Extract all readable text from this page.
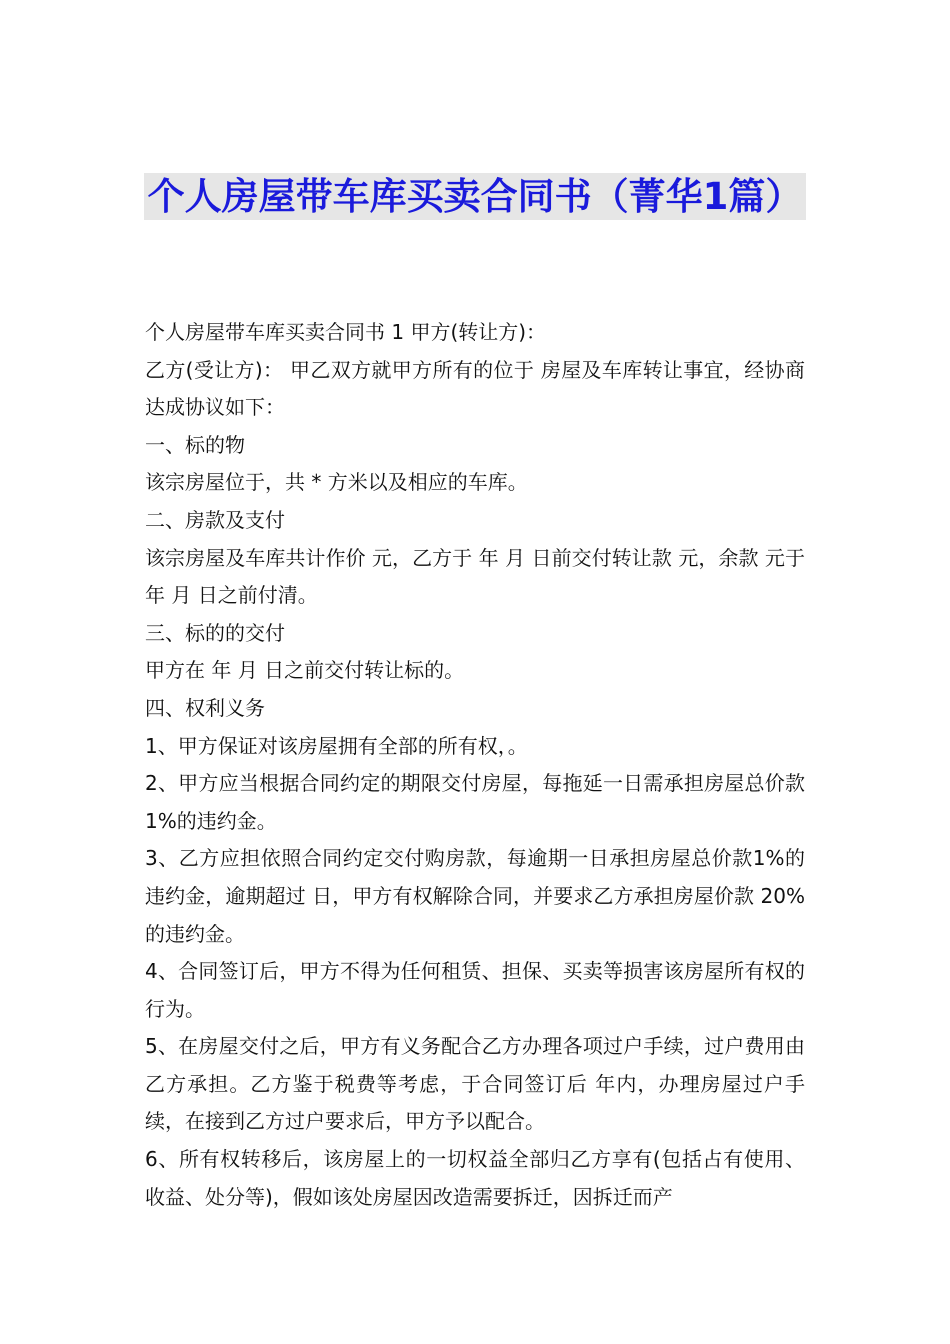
个人房屋带车库买卖合同书（菁华1篇）

个人房屋带车库买卖合同书 1 甲方(转让方)：

乙方(受让方)： 甲乙双方就甲方所有的位于 房屋及车库转让事宜，经协商达成协议如下：

一、标的物

该宗房屋位于，共 * 方米以及相应的车库。

二、房款及支付

该宗房屋及车库共计作价 元，乙方于 年 月 日前交付转让款 元，余款 元于年 月 日之前付清。

三、标的的交付

甲方在 年 月 日之前交付转让标的。

四、权利义务

1、甲方保证对该房屋拥有全部的所有权，。

2、甲方应当根据合同约定的期限交付房屋，每拖延一日需承担房屋总价款 1%的违约金。

3、乙方应担依照合同约定交付购房款，每逾期一日承担房屋总价款1%的违约金，逾期超过 日，甲方有权解除合同，并要求乙方承担房屋价款 20%的违约金。

4、合同签订后，甲方不得为任何租赁、担保、买卖等损害该房屋所有权的行为。

5、在房屋交付之后，甲方有义务配合乙方办理各项过户手续，过户费用由乙方承担。乙方鉴于税费等考虑，于合同签订后 年内，办理房屋过户手续，在接到乙方过户要求后，甲方予以配合。

6、所有权转移后，该房屋上的一切权益全部归乙方享有(包括占有使用、收益、处分等)，假如该处房屋因改造需要拆迁，因拆迁而产
